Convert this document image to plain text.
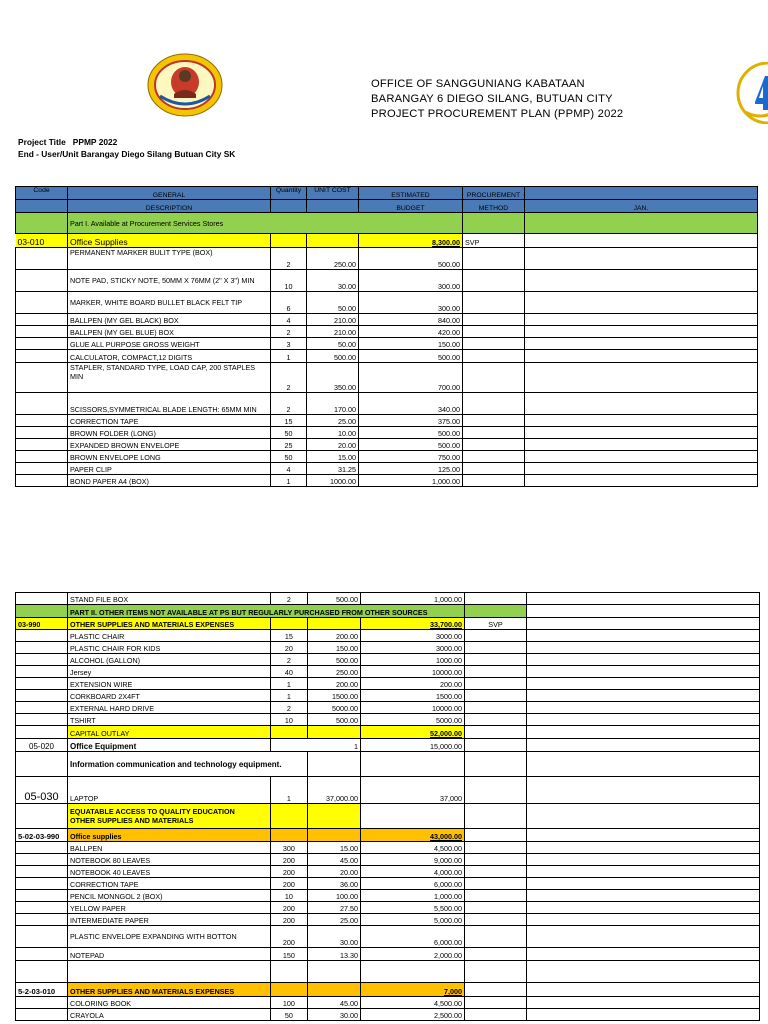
OFFICE OF SANGGUNIANG KABATAAN
BARANGAY 6 DIEGO SILANG, BUTUAN CITY
PROJECT PROCUREMENT PLAN (PPMP) 2022
Project Title PPMP 2022
End - User/Unit Barangay Diego Silang Butuan City SK
Code	GENERAL	Quantity	UNIT COST	ESTIMATED	PROCUREMENT	
	DESCRIPTION			BUDGET	METHOD	JAN.
	Part I. Available at Procurement Services Stores					
03-010	Office Supplies			8,300.00	SVP	
	PERMANENT MARKER BULIT TYPE (BOX)	2	250.00	500.00		
	NOTE PAD, STICKY NOTE, 50MM X 76MM (2" X 3") MIN	10	30.00	300.00		
	MARKER, WHITE BOARD BULLET BLACK FELT TIP	6	50.00	300.00		
	BALLPEN (MY GEL BLACK) BOX	4	210.00	840.00		
	BALLPEN (MY GEL BLUE) BOX	2	210.00	420.00		
	GLUE ALL PURPOSE GROSS WEIGHT	3	50.00	150.00		
	CALCULATOR, COMPACT,12 DIGITS	1	500.00	500.00		
	STAPLER, STANDARD TYPE, LOAD CAP, 200 STAPLES MIN	2	350.00	700.00		
	SCISSORS,SYMMETRICAL BLADE LENGTH: 65MM MIN	2	170.00	340.00		
	CORRECTION TAPE	15	25.00	375.00		
	BROWN FOLDER (LONG)	50	10.00	500.00		
	EXPANDED BROWN ENVELOPE	25	20.00	500.00		
	BROWN ENVELOPE LONG	50	15.00	750.00		
	PAPER CLIP	4	31.25	125.00		
	BOND PAPER A4 (BOX)	1	1000.00	1,000.00		
	STAND FILE BOX	2	500.00	1,000.00		
	PART II. OTHER ITEMS NOT AVAILABLE AT PS BUT REGULARLY PURCHASED FROM OTHER SOURCES					
03-990	OTHER SUPPLIES AND MATERIALS EXPENSES			33,700.00	SVP	
	PLASTIC CHAIR	15	200.00	3000.00		
	PLASTIC CHAIR FOR KIDS	20	150.00	3000.00		
	ALCOHOL (GALLON)	2	500.00	1000.00		
	Jersey	40	250.00	10000.00		
	EXTENSION WIRE	1	200.00	200.00		
	CORKBOARD 2X4FT	1	1500.00	1500.00		
	EXTERNAL HARD DRIVE	2	5000.00	10000.00		
	TSHIRT	10	500.00	5000.00		
	CAPITAL OUTLAY			52,000.00		
05-020	Office Equipment	1		15,000.00		
	Information communication and technology equipment.					
05-030	LAPTOP	1	37,000.00	37,000		

	EQUATABLE ACCESS TO QUALITY EDUCATION
OTHER SUPPLIES AND MATERIALS					

5-02-03-990	Office supplies			43,000.00		
	BALLPEN	300	15.00	4,500.00		
	NOTEBOOK 80 LEAVES	200	45.00	9,000.00		
	NOTEBOOK 40 LEAVES	200	20.00	4,000.00		
	CORRECTION TAPE	200	36.00	6,000.00		
	PENCIL MONNGOL 2 (BOX)	10	100.00	1,000.00		
	YELLOW PAPER	200	27.50	5,500.00		
	INTERMEDIATE PAPER	200	25.00	5,000.00		
	PLASTIC ENVELOPE EXPANDING WITH BOTTON	200	30.00	6,000.00		
	NOTEPAD	150	13.30	2,000.00		

5-2-03-010	OTHER SUPPLIES AND MATERIALS EXPENSES			7,000		
	COLORING BOOK	100	45.00	4,500.00		
	CRAYOLA	50	30.00	2,500.00		
